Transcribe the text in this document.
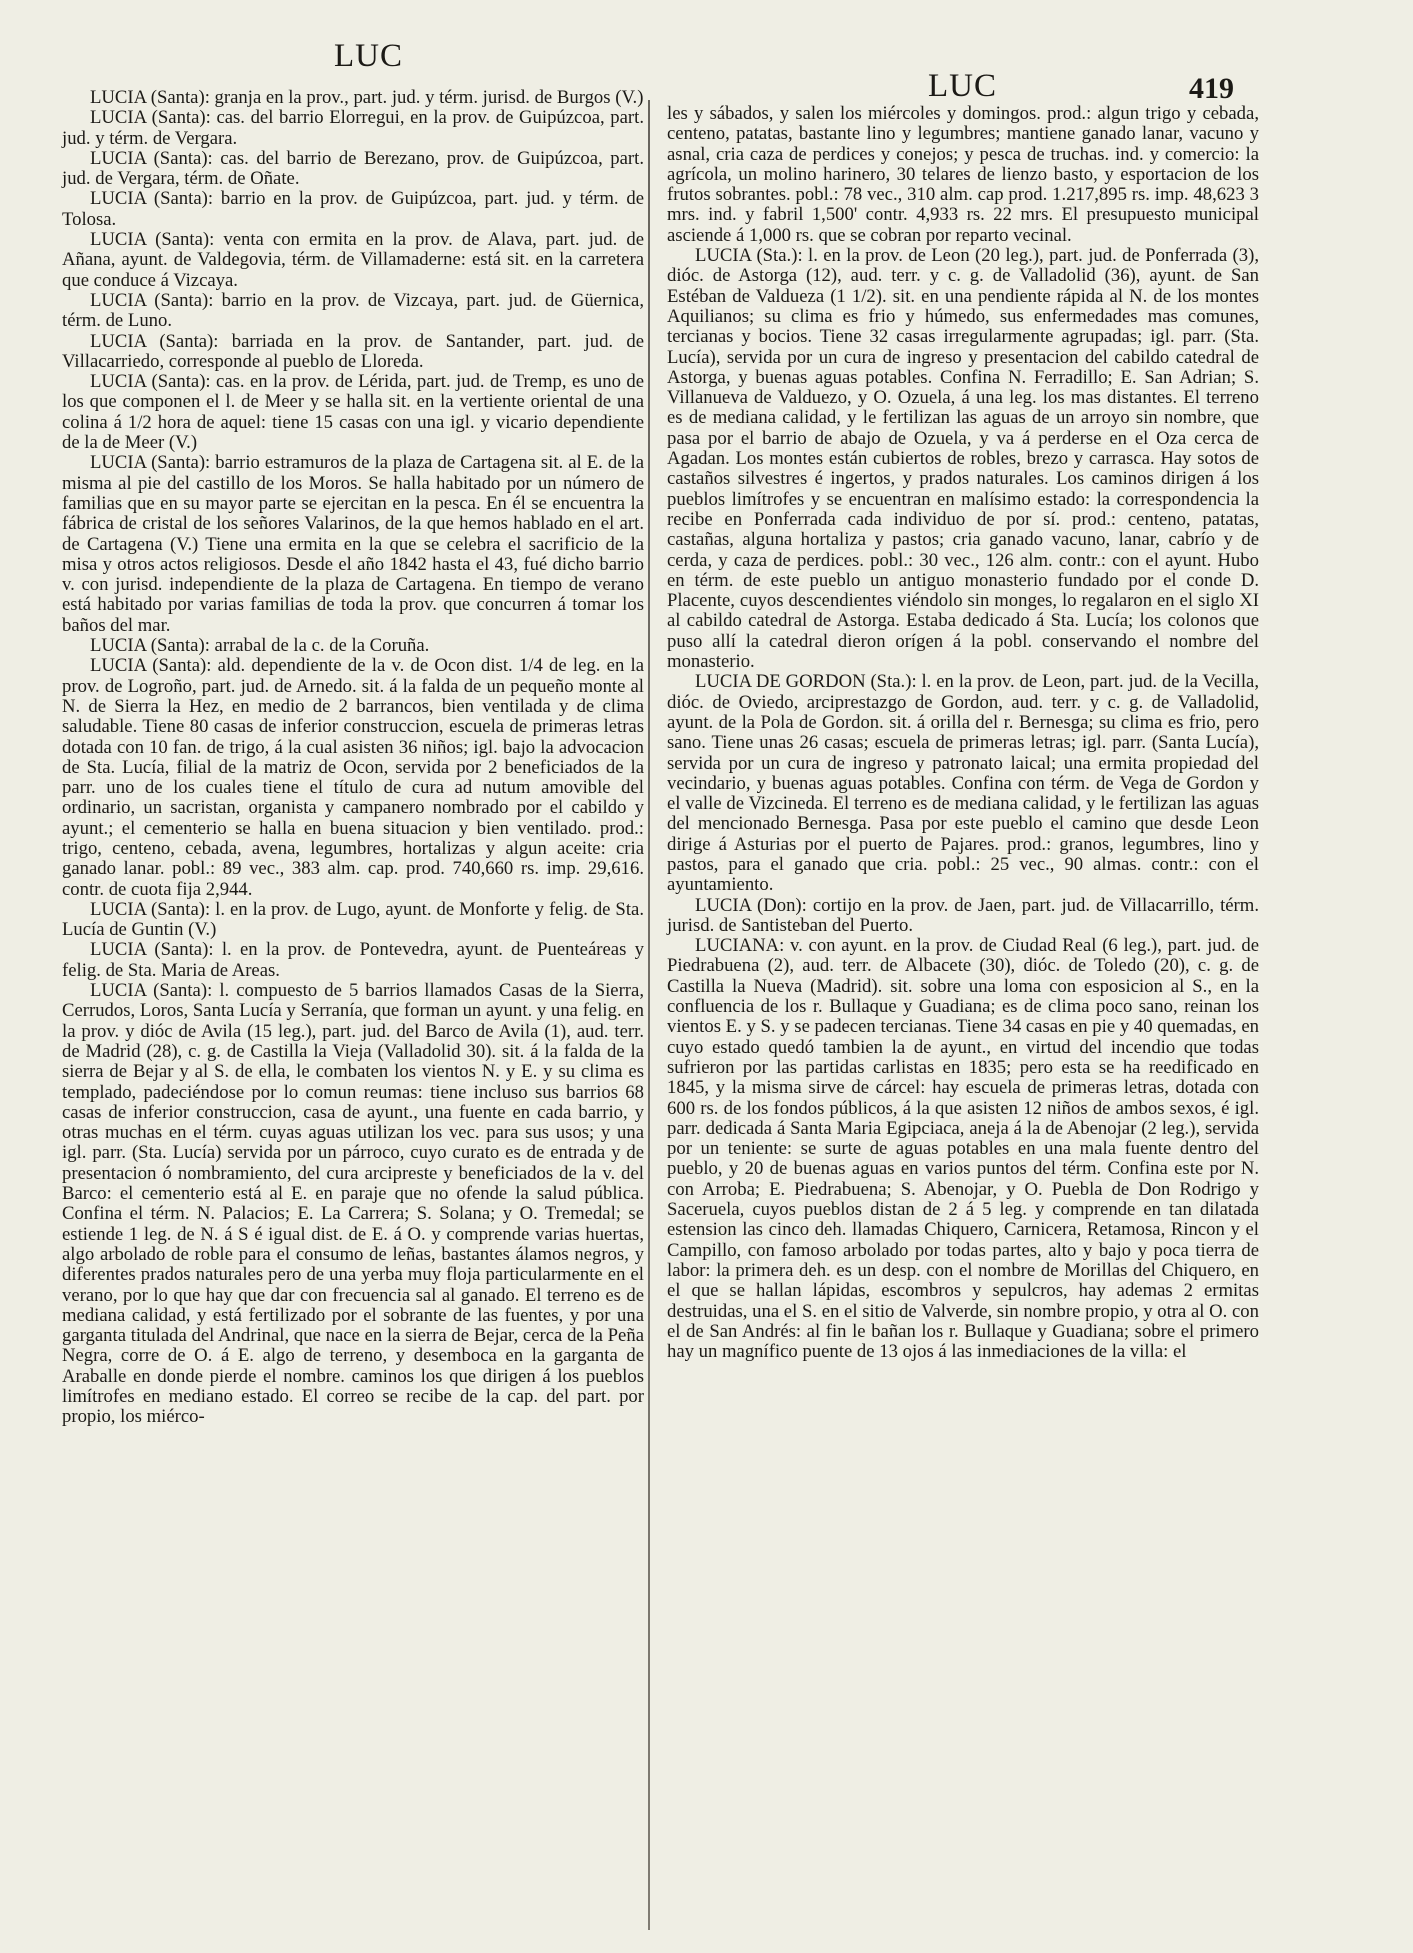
LUC
LUC	419

LUCIA (Santa): granja en la prov., part. jud. y térm. jurisd. de Burgos (V.)

LUCIA (Santa): cas. del barrio Elorregui, en la prov. de Guipúzcoa, part. jud. y térm. de Vergara.

LUCIA (Santa): cas. del barrio de Berezano, prov. de Guipúzcoa, part. jud. de Vergara, térm. de Oñate.

LUCIA (Santa): barrio en la prov. de Guipúzcoa, part. jud. y térm. de Tolosa.

LUCIA (Santa): venta con ermita en la prov. de Alava, part. jud. de Añana, ayunt. de Valdegovia, térm. de Villamaderne: está sit. en la carretera que conduce á Vizcaya.

LUCIA (Santa): barrio en la prov. de Vizcaya, part. jud. de Güernica, térm. de Luno.

LUCIA (Santa): barriada en la prov. de Santander, part. jud. de Villacarriedo, corresponde al pueblo de Lloreda.

LUCIA (Santa): cas. en la prov. de Lérida, part. jud. de Tremp, es uno de los que componen el l. de Meer y se halla sit. en la vertiente oriental de una colina á 1/2 hora de aquel: tiene 15 casas con una igl. y vicario dependiente de la de Meer (V.)

LUCIA (Santa): barrio estramuros de la plaza de Cartagena sit. al E. de la misma al pie del castillo de los Moros. Se halla habitado por un número de familias que en su mayor parte se ejercitan en la pesca. En él se encuentra la fábrica de cristal de los señores Valarinos, de la que hemos hablado en el art. de Cartagena (V.) Tiene una ermita en la que se celebra el sacrificio de la misa y otros actos religiosos. Desde el año 1842 hasta el 43, fué dicho barrio v. con jurisd. independiente de la plaza de Cartagena. En tiempo de verano está habitado por varias familias de toda la prov. que concurren á tomar los baños del mar.

LUCIA (Santa): arrabal de la c. de la Coruña.

LUCIA (Santa): ald. dependiente de la v. de Ocon dist. 1/4 de leg. en la prov. de Logroño, part. jud. de Arnedo. sit. á la falda de un pequeño monte al N. de Sierra la Hez, en medio de 2 barrancos, bien ventilada y de clima saludable. Tiene 80 casas de inferior construccion, escuela de primeras letras dotada con 10 fan. de trigo, á la cual asisten 36 niños; igl. bajo la advocacion de Sta. Lucía, filial de la matriz de Ocon, servida por 2 beneficiados de la parr. uno de los cuales tiene el título de cura ad nutum amovible del ordinario, un sacristan, organista y campanero nombrado por el cabildo y ayunt.; el cementerio se halla en buena situacion y bien ventilado. prod.: trigo, centeno, cebada, avena, legumbres, hortalizas y algun aceite: cria ganado lanar. pobl.: 89 vec., 383 alm. cap. prod. 740,660 rs. imp. 29,616. contr. de cuota fija 2,944.

LUCIA (Santa): l. en la prov. de Lugo, ayunt. de Monforte y felig. de Sta. Lucía de Guntin (V.)

LUCIA (Santa): l. en la prov. de Pontevedra, ayunt. de Puenteáreas y felig. de Sta. Maria de Areas.

LUCIA (Santa): l. compuesto de 5 barrios llamados Casas de la Sierra, Cerrudos, Loros, Santa Lucía y Serranía, que forman un ayunt. y una felig. en la prov. y dióc de Avila (15 leg.), part. jud. del Barco de Avila (1), aud. terr. de Madrid (28), c. g. de Castilla la Vieja (Valladolid 30). sit. á la falda de la sierra de Bejar y al S. de ella, le combaten los vientos N. y E. y su clima es templado, padeciéndose por lo comun reumas: tiene incluso sus barrios 68 casas de inferior construccion, casa de ayunt., una fuente en cada barrio, y otras muchas en el térm. cuyas aguas utilizan los vec. para sus usos; y una igl. parr. (Sta. Lucía) servida por un párroco, cuyo curato es de entrada y de presentacion ó nombramiento, del cura arcipreste y beneficiados de la v. del Barco: el cementerio está al E. en paraje que no ofende la salud pública. Confina el térm. N. Palacios; E. La Carrera; S. Solana; y O. Tremedal; se estiende 1 leg. de N. á S é igual dist. de E. á O. y comprende varias huertas, algo arbolado de roble para el consumo de leñas, bastantes álamos negros, y diferentes prados naturales pero de una yerba muy floja particularmente en el verano, por lo que hay que dar con frecuencia sal al ganado. El terreno es de mediana calidad, y está fertilizado por el sobrante de las fuentes, y por una garganta titulada del Andrinal, que nace en la sierra de Bejar, cerca de la Peña Negra, corre de O. á E. algo de terreno, y desemboca en la garganta de Araballe en donde pierde el nombre. caminos los que dirigen á los pueblos limítrofes en mediano estado. El correo se recibe de la cap. del part. por propio, los miérco-

les y sábados, y salen los miércoles y domingos. prod.: algun trigo y cebada, centeno, patatas, bastante lino y legumbres; mantiene ganado lanar, vacuno y asnal, cria caza de perdices y conejos; y pesca de truchas. ind. y comercio: la agrícola, un molino harinero, 30 telares de lienzo basto, y esportacion de los frutos sobrantes. pobl.: 78 vec., 310 alm. cap prod. 1.217,895 rs. imp. 48,623 3 mrs. ind. y fabril 1,500' contr. 4,933 rs. 22 mrs. El presupuesto municipal asciende á 1,000 rs. que se cobran por reparto vecinal.

LUCIA (Sta.): l. en la prov. de Leon (20 leg.), part. jud. de Ponferrada (3), dióc. de Astorga (12), aud. terr. y c. g. de Valladolid (36), ayunt. de San Estéban de Valdueza (1 1/2). sit. en una pendiente rápida al N. de los montes Aquilianos; su clima es frio y húmedo, sus enfermedades mas comunes, tercianas y bocios. Tiene 32 casas irregularmente agrupadas; igl. parr. (Sta. Lucía), servida por un cura de ingreso y presentacion del cabildo catedral de Astorga, y buenas aguas potables. Confina N. Ferradillo; E. San Adrian; S. Villanueva de Valduezo, y O. Ozuela, á una leg. los mas distantes. El terreno es de mediana calidad, y le fertilizan las aguas de un arroyo sin nombre, que pasa por el barrio de abajo de Ozuela, y va á perderse en el Oza cerca de Agadan. Los montes están cubiertos de robles, brezo y carrasca. Hay sotos de castaños silvestres é ingertos, y prados naturales. Los caminos dirigen á los pueblos limítrofes y se encuentran en malísimo estado: la correspondencia la recibe en Ponferrada cada individuo de por sí. prod.: centeno, patatas, castañas, alguna hortaliza y pastos; cria ganado vacuno, lanar, cabrío y de cerda, y caza de perdices. pobl.: 30 vec., 126 alm. contr.: con el ayunt. Hubo en térm. de este pueblo un antiguo monasterio fundado por el conde D. Placente, cuyos descendientes viéndolo sin monges, lo regalaron en el siglo XI al cabildo catedral de Astorga. Estaba dedicado á Sta. Lucía; los colonos que puso allí la catedral dieron orígen á la pobl. conservando el nombre del monasterio.

LUCIA DE GORDON (Sta.): l. en la prov. de Leon, part. jud. de la Vecilla, dióc. de Oviedo, arciprestazgo de Gordon, aud. terr. y c. g. de Valladolid, ayunt. de la Pola de Gordon. sit. á orilla del r. Bernesga; su clima es frio, pero sano. Tiene unas 26 casas; escuela de primeras letras; igl. parr. (Santa Lucía), servida por un cura de ingreso y patronato laical; una ermita propiedad del vecindario, y buenas aguas potables. Confina con térm. de Vega de Gordon y el valle de Vizcineda. El terreno es de mediana calidad, y le fertilizan las aguas del mencionado Bernesga. Pasa por este pueblo el camino que desde Leon dirige á Asturias por el puerto de Pajares. prod.: granos, legumbres, lino y pastos, para el ganado que cria. pobl.: 25 vec., 90 almas. contr.: con el ayuntamiento.

LUCIA (Don): cortijo en la prov. de Jaen, part. jud. de Villacarrillo, térm. jurisd. de Santisteban del Puerto.

LUCIANA: v. con ayunt. en la prov. de Ciudad Real (6 leg.), part. jud. de Piedrabuena (2), aud. terr. de Albacete (30), dióc. de Toledo (20), c. g. de Castilla la Nueva (Madrid). sit. sobre una loma con esposicion al S., en la confluencia de los r. Bullaque y Guadiana; es de clima poco sano, reinan los vientos E. y S. y se padecen tercianas. Tiene 34 casas en pie y 40 quemadas, en cuyo estado quedó tambien la de ayunt., en virtud del incendio que todas sufrieron por las partidas carlistas en 1835; pero esta se ha reedificado en 1845, y la misma sirve de cárcel: hay escuela de primeras letras, dotada con 600 rs. de los fondos públicos, á la que asisten 12 niños de ambos sexos, é igl. parr. dedicada á Santa Maria Egipciaca, aneja á la de Abenojar (2 leg.), servida por un teniente: se surte de aguas potables en una mala fuente dentro del pueblo, y 20 de buenas aguas en varios puntos del térm. Confina este por N. con Arroba; E. Piedrabuena; S. Abenojar, y O. Puebla de Don Rodrigo y Saceruela, cuyos pueblos distan de 2 á 5 leg. y comprende en tan dilatada estension las cinco deh. llamadas Chiquero, Carnicera, Retamosa, Rincon y el Campillo, con famoso arbolado por todas partes, alto y bajo y poca tierra de labor: la primera deh. es un desp. con el nombre de Morillas del Chiquero, en el que se hallan lápidas, escombros y sepulcros, hay ademas 2 ermitas destruidas, una el S. en el sitio de Valverde, sin nombre propio, y otra al O. con el de San Andrés: al fin le bañan los r. Bullaque y Guadiana; sobre el primero hay un magnífico puente de 13 ojos á las inmediaciones de la villa: el
